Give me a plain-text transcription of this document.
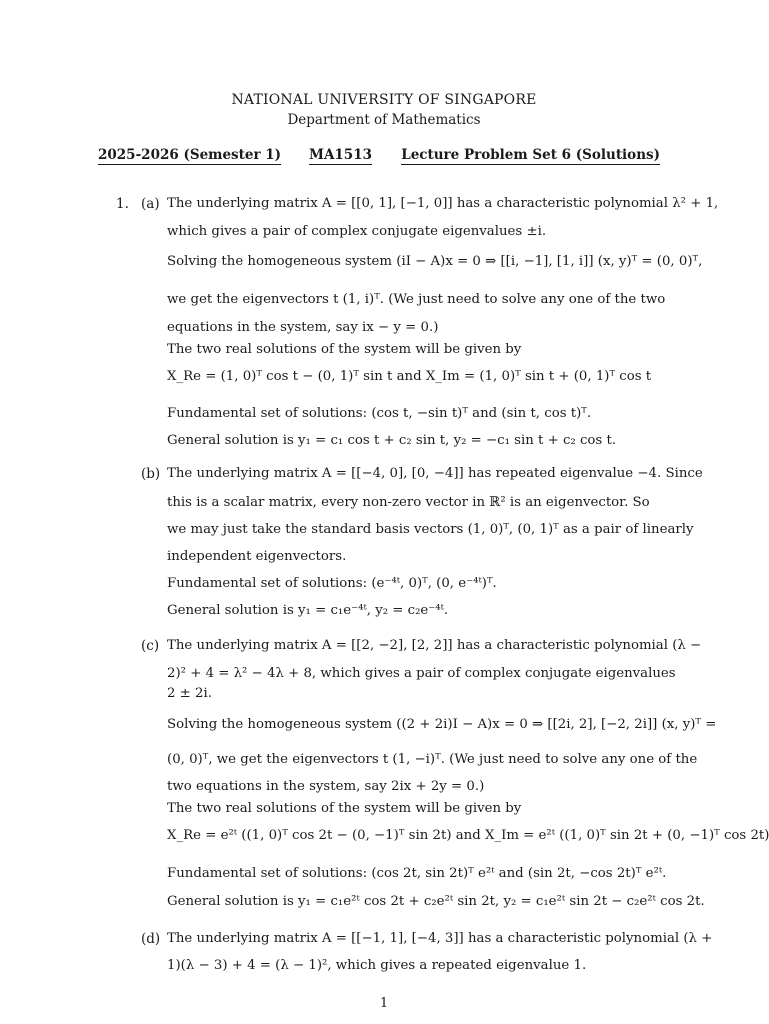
NATIONAL UNIVERSITY OF SINGAPORE
Department of Mathematics
2025-2026 (Semester 1) MA1513 Lecture Problem Set 6 (Solutions)
1. (a) The underlying matrix A = [[0, 1], [−1, 0]] has a characteristic polynomial λ² + 1,
which gives a pair of complex conjugate eigenvalues ±i.
Solving the homogeneous system (iI − A)x = 0 ⇒ [[i, −1], [1, i]] (x, y)ᵀ = (0, 0)ᵀ,
we get the eigenvectors t (1, i)ᵀ. (We just need to solve any one of the two
equations in the system, say ix − y = 0.)
The two real solutions of the system will be given by
X_Re = (1, 0)ᵀ cos t − (0, 1)ᵀ sin t and X_Im = (1, 0)ᵀ sin t + (0, 1)ᵀ cos t
Fundamental set of solutions: (cos t, −sin t)ᵀ and (sin t, cos t)ᵀ.
General solution is y₁ = c₁ cos t + c₂ sin t, y₂ = −c₁ sin t + c₂ cos t.
(b) The underlying matrix A = [[−4, 0], [0, −4]] has repeated eigenvalue −4. Since
this is a scalar matrix, every non-zero vector in ℝ² is an eigenvector. So
we may just take the standard basis vectors (1, 0)ᵀ, (0, 1)ᵀ as a pair of linearly
independent eigenvectors.
Fundamental set of solutions: (e⁻⁴ᵗ, 0)ᵀ, (0, e⁻⁴ᵗ)ᵀ.
General solution is y₁ = c₁e⁻⁴ᵗ, y₂ = c₂e⁻⁴ᵗ.
(c) The underlying matrix A = [[2, −2], [2, 2]] has a characteristic polynomial (λ −
2)² + 4 = λ² − 4λ + 8, which gives a pair of complex conjugate eigenvalues
2 ± 2i.
Solving the homogeneous system ((2 + 2i)I − A)x = 0 ⇒ [[2i, 2], [−2, 2i]] (x, y)ᵀ =
(0, 0)ᵀ, we get the eigenvectors t (1, −i)ᵀ. (We just need to solve any one of the
two equations in the system, say 2ix + 2y = 0.)
The two real solutions of the system will be given by
X_Re = e²ᵗ ((1, 0)ᵀ cos 2t − (0, −1)ᵀ sin 2t) and X_Im = e²ᵗ ((1, 0)ᵀ sin 2t + (0, −1)ᵀ cos 2t)
Fundamental set of solutions: (cos 2t, sin 2t)ᵀ e²ᵗ and (sin 2t, −cos 2t)ᵀ e²ᵗ.
General solution is y₁ = c₁e²ᵗ cos 2t + c₂e²ᵗ sin 2t, y₂ = c₁e²ᵗ sin 2t − c₂e²ᵗ cos 2t.
(d) The underlying matrix A = [[−1, 1], [−4, 3]] has a characteristic polynomial (λ +
1)(λ − 3) + 4 = (λ − 1)², which gives a repeated eigenvalue 1.
1
